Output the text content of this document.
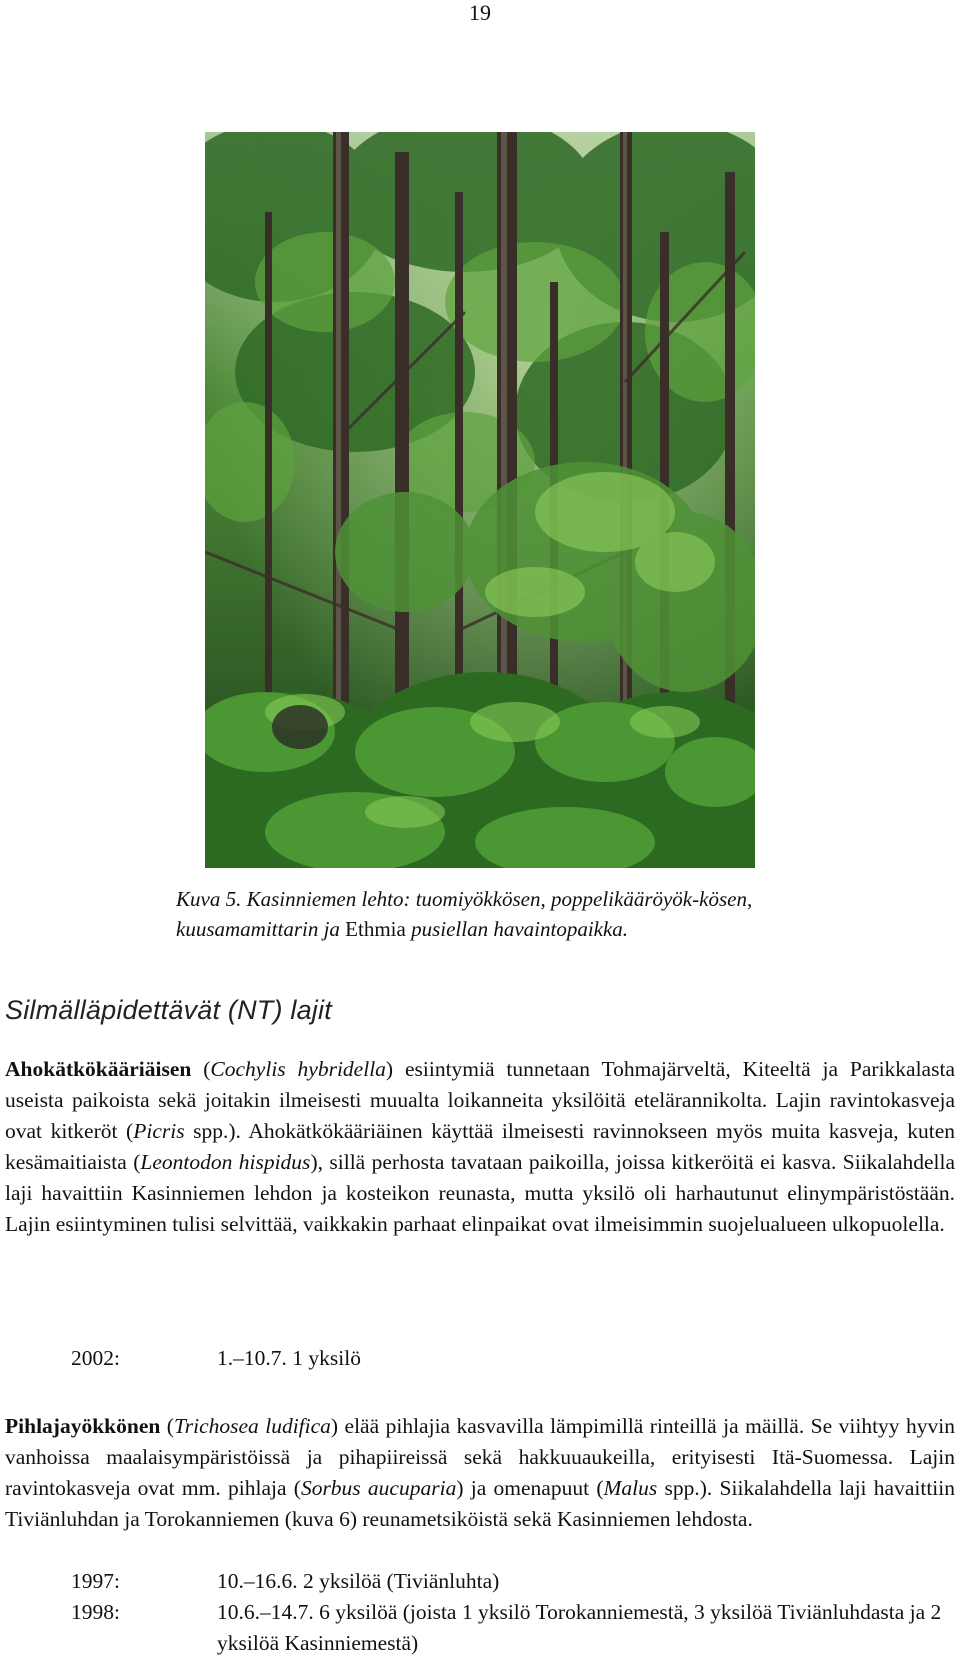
19
Kuva 5. Kasinniemen lehto: tuomiyökkösen, poppelikääröyök-kösen, kuusamamittarin ja Ethmia pusiellan havaintopaikka.
Silmälläpidettävät (NT) lajit

Ahokätkökääriäisen (Cochylis hybridella) esiintymiä tunnetaan Tohmajärveltä, Kiteeltä ja Parikkalasta useista paikoista sekä joitakin ilmeisesti muualta loikanneita yksilöitä etelärannikolta. Lajin ravintokasveja ovat kitkeröt (Picris spp.). Ahokätkökääriäinen käyttää ilmeisesti ravinnokseen myös muita kasveja, kuten kesämaitiaista (Leontodon hispidus), sillä perhosta tavataan paikoilla, joissa kitkeröitä ei kasva. Siikalahdella laji havaittiin Kasinniemen lehdon ja kosteikon reunasta, mutta yksilö oli harhautunut elinympäristöstään. Lajin esiintyminen tulisi selvittää, vaikkakin parhaat elinpaikat ovat ilmeisimmin suojelualueen ulkopuolella.

2002:	1.–10.7. 1 yksilö

Pihlajayökkönen (Trichosea ludifica) elää pihlajia kasvavilla lämpimillä rinteillä ja mäillä. Se viihtyy hyvin vanhoissa maalaisympäristöissä ja pihapiireissä sekä hakkuuaukeilla, erityisesti Itä-Suomessa. Lajin ravintokasveja ovat mm. pihlaja (Sorbus aucuparia) ja omenapuut (Malus spp.). Siikalahdella laji havaittiin Tiviänluhdan ja Torokanniemen (kuva 6) reunametsiköistä sekä Kasinniemen lehdosta.

1997:	10.–16.6. 2 yksilöä (Tiviänluhta)
1998:	10.6.–14.7. 6 yksilöä (joista 1 yksilö Torokanniemestä, 3 yksilöä Tiviänluhdasta ja 2 yksilöä Kasinniemestä)
